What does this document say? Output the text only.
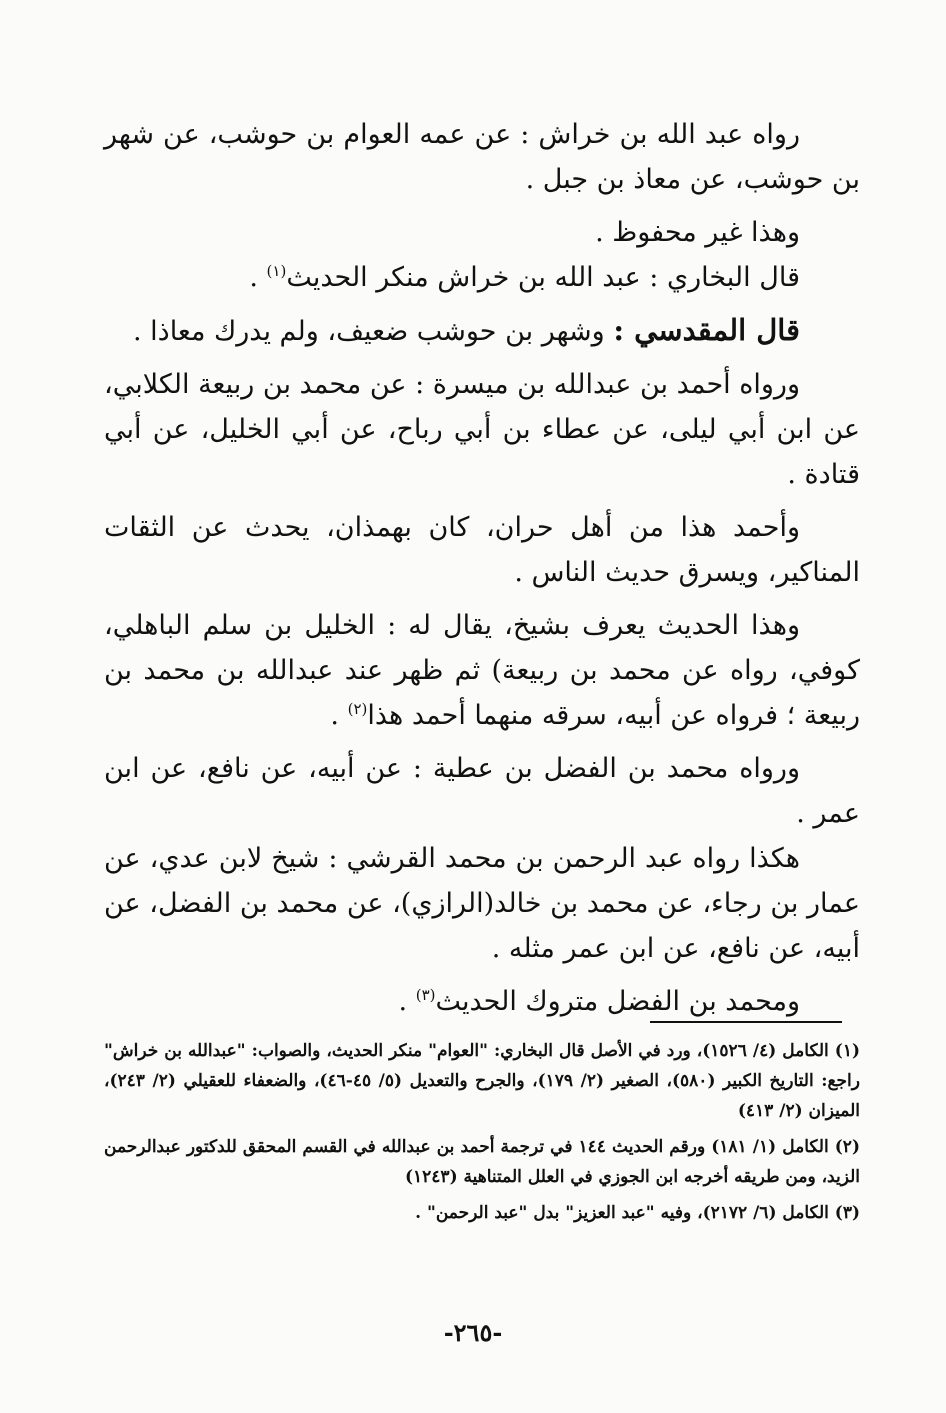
رواه عبد الله بن خراش : عن عمه العوام بن حوشب، عن شهر بن حوشب، عن معاذ بن جبل .

وهذا غير محفوظ .

قال البخاري : عبد الله بن خراش منكر الحديث$^{(١)}$ .

قال المقدسي : وشهر بن حوشب ضعيف، ولم يدرك معاذا .

ورواه أحمد بن عبدالله بن ميسرة : عن محمد بن ربيعة الكلابي، عن ابن أبي ليلى، عن عطاء بن أبي رباح، عن أبي الخليل، عن أبي قتادة .

وأحمد هذا من أهل حران، كان بهمذان، يحدث عن الثقات المناكير، ويسرق حديث الناس .

وهذا الحديث يعرف بشيخ، يقال له : الخليل بن سلم الباهلي، كوفي، رواه عن محمد بن ربيعة) ثم ظهر عند عبدالله بن محمد بن ربيعة ؛ فرواه عن أبيه، سرقه منهما أحمد هذا$^{(٢)}$ .

ورواه محمد بن الفضل بن عطية : عن أبيه، عن نافع، عن ابن عمر .

هكذا رواه عبد الرحمن بن محمد القرشي : شيخ لابن عدي، عن عمار بن رجاء، عن محمد بن خالد(الرازي)، عن محمد بن الفضل، عن أبيه، عن نافع، عن ابن عمر مثله .

ومحمد بن الفضل متروك الحديث$^{(٣)}$ .

(١) الكامل (٤/ ١٥٢٦)، ورد في الأصل قال البخاري: "العوام" منكر الحديث، والصواب: "عبدالله بن خراش" راجع: التاريخ الكبير (٥٨٠)، الصغير (٢/ ١٧٩)، والجرح والتعديل (٥/ ٤٥-٤٦)، والضعفاء للعقيلي (٢/ ٢٤٣)، الميزان (٢/ ٤١٣)

(٢) الكامل (١/ ١٨١) ورقم الحديث ١٤٤ في ترجمة أحمد بن عبدالله في القسم المحقق للدكتور عبدالرحمن الزيد، ومن طريقه أخرجه ابن الجوزي في العلل المتناهية (١٢٤٣)

(٣) الكامل (٦/ ٢١٧٢)، وفيه "عبد العزيز" بدل "عبد الرحمن" .

-٢٦٥-
